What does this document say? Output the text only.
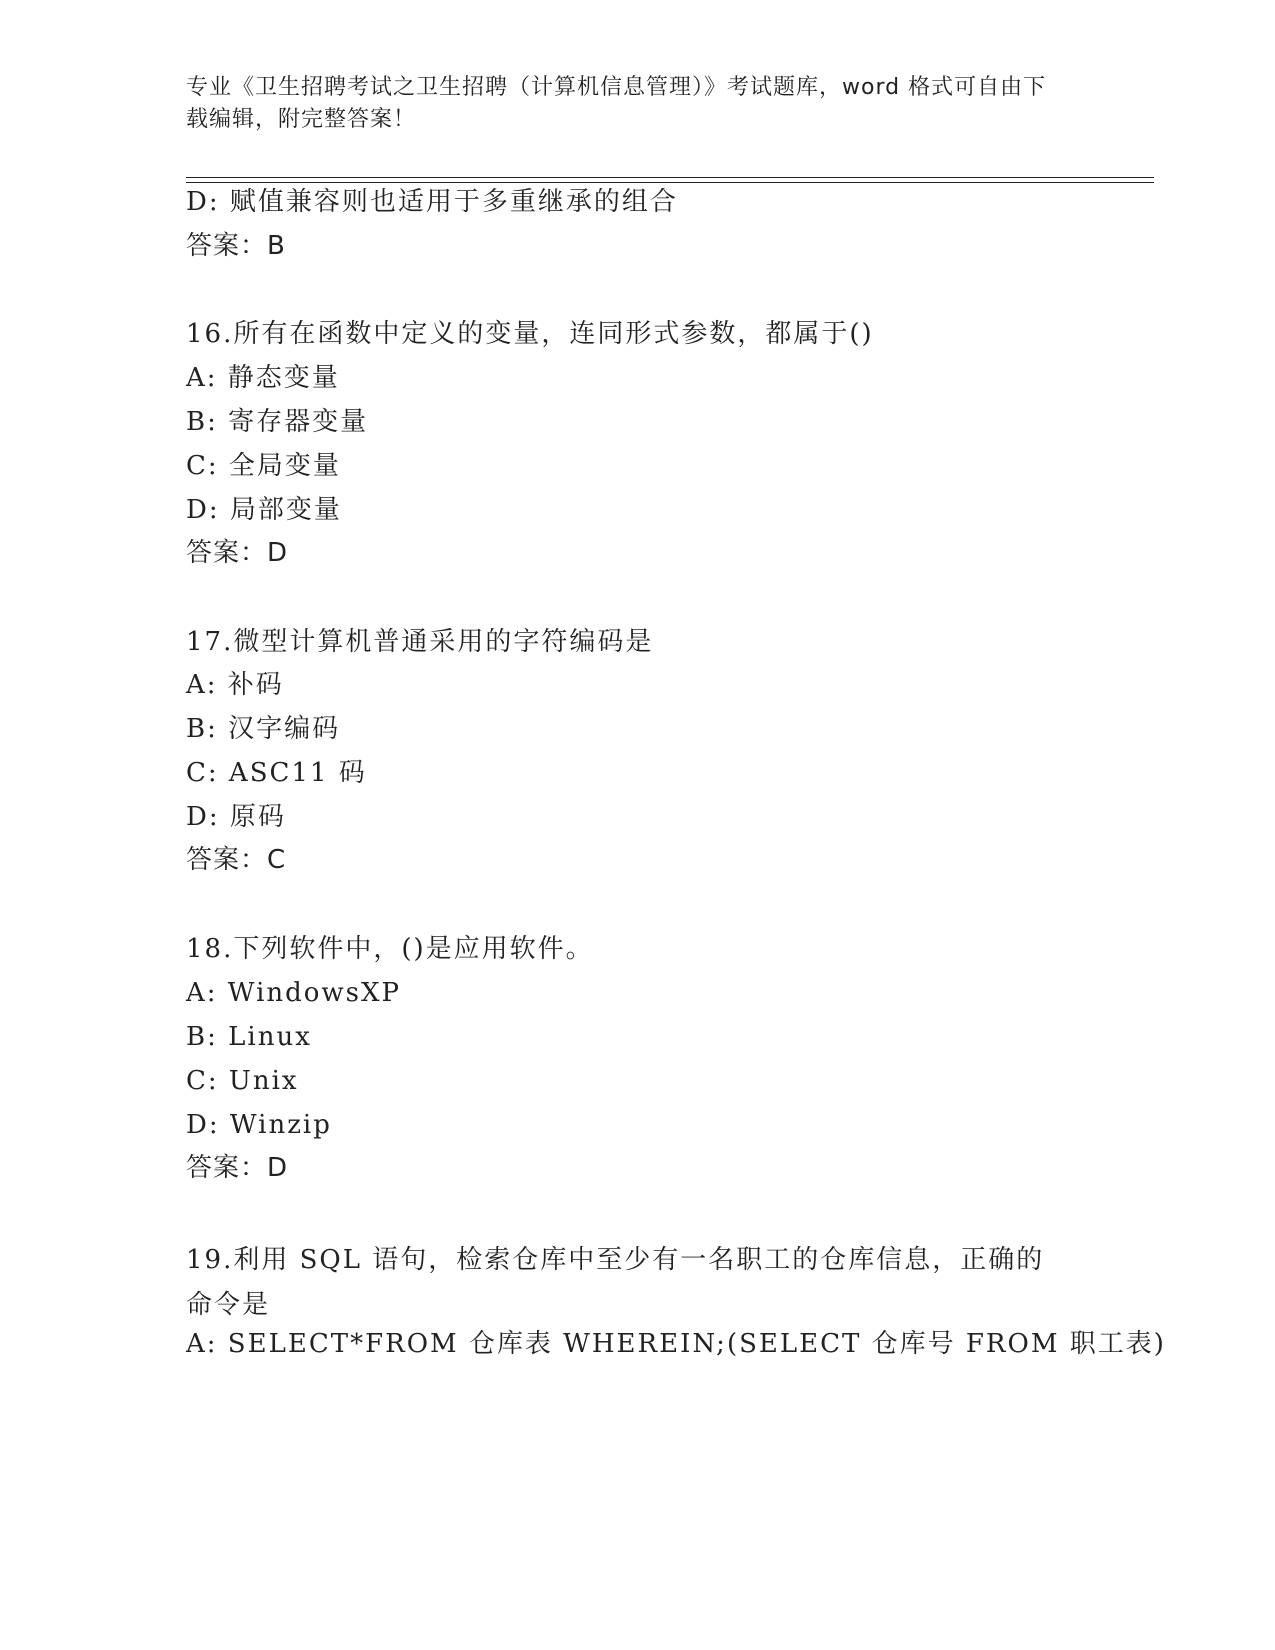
专业《卫生招聘考试之卫生招聘（计算机信息管理）》考试题库，word 格式可自由下载编辑，附完整答案！
D: 赋值兼容则也适用于多重继承的组合
答案：B
16.所有在函数中定义的变量，连同形式参数，都属于()
A: 静态变量
B: 寄存器变量
C: 全局变量
D: 局部变量
答案：D
17.微型计算机普通采用的字符编码是
A: 补码
B: 汉字编码
C: ASC11 码
D: 原码
答案：C
18.下列软件中，()是应用软件。
A: WindowsXP
B: Linux
C: Unix
D: Winzip
答案：D
19.利用 SQL 语句，检索仓库中至少有一名职工的仓库信息，正确的命令是
A: SELECT*FROM 仓库表 WHEREIN;(SELECT 仓库号 FROM 职工表)
